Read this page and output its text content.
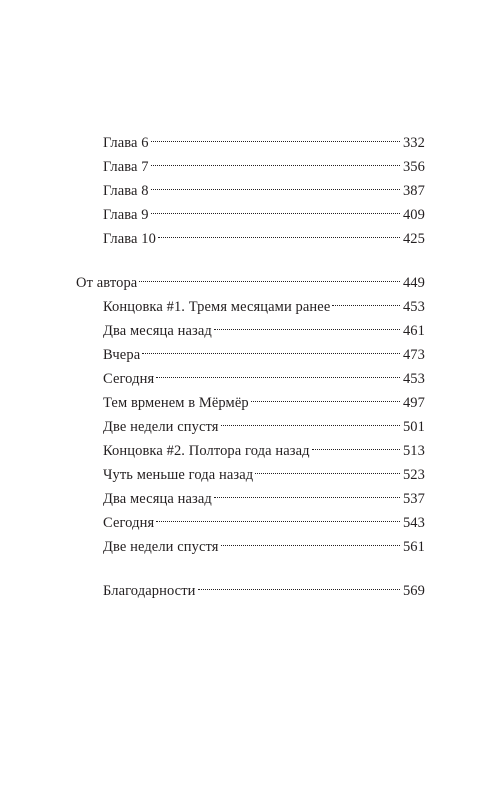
Глава 6	332
Глава 7	356
Глава 8	387
Глава 9	409
Глава 10	425
От автора	449
Концовка #1. Тремя месяцами ранее	453
Два месяца назад	461
Вчера	473
Сегодня	453
Тем врменем в Мёрмёр	497
Две недели спустя	501
Концовка #2. Полтора года назад	513
Чуть меньше года назад	523
Два месяца назад	537
Сегодня	543
Две недели спустя	561
Благодарности	569
